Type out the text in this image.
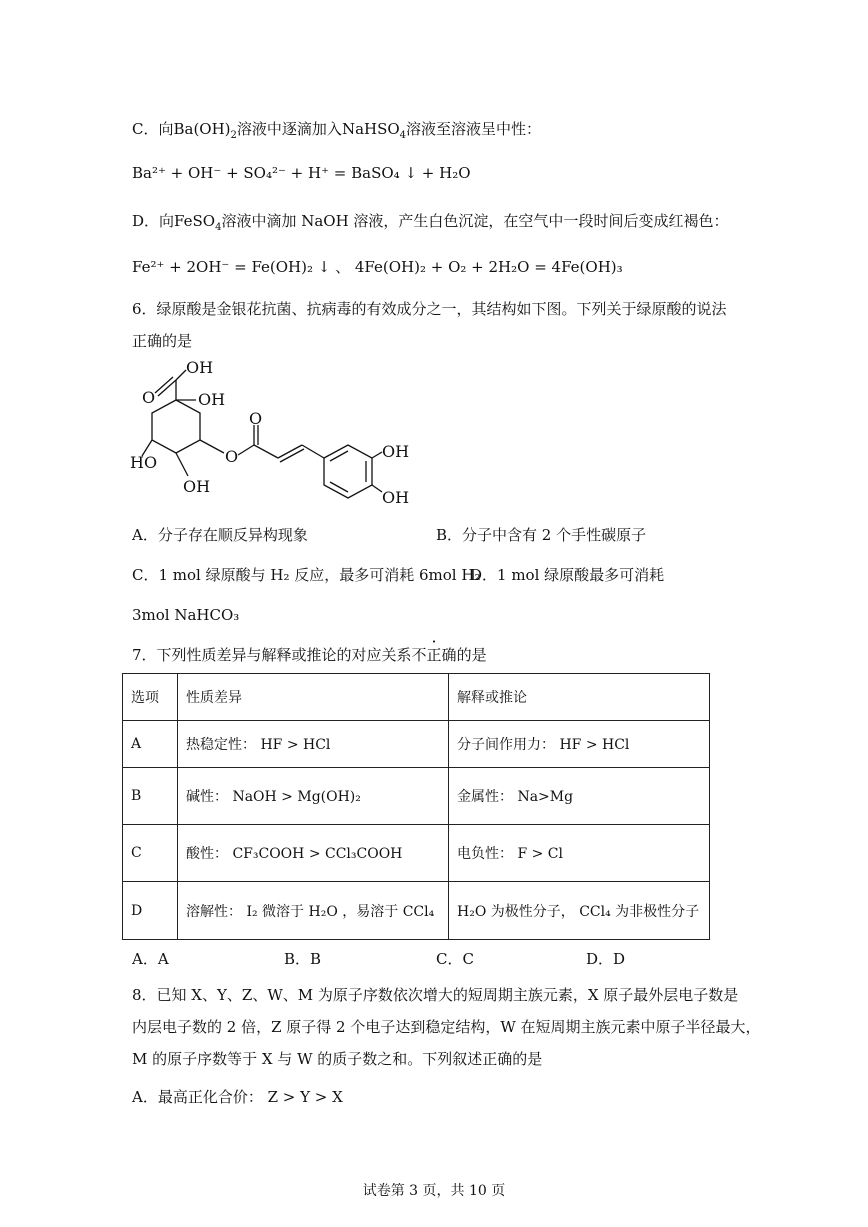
C．向$Ba(OH)_2$溶液中逐滴加入NaHSO$_4$溶液至溶液呈中性：
Ba²⁺ + OH⁻ + SO₄²⁻ + H⁺ = BaSO₄ ↓ + H₂O
D．向FeSO$_4$溶液中滴加 NaOH 溶液，产生白色沉淀，在空气中一段时间后变成红褐色：
Fe²⁺ + 2OH⁻ = Fe(OH)₂ ↓ 、 4Fe(OH)₂ + O₂ + 2H₂O = 4Fe(OH)₃
6．绿原酸是金银花抗菌、抗病毒的有效成分之一，其结构如下图。下列关于绿原酸的说法
正确的是
OH
O	OH
HO	O
O
OH
OH
OH
A．分子存在顺反异构现象	B．分子中含有 2 个手性碳原子
C．1 mol 绿原酸与 H₂ 反应，最多可消耗 6mol H₂
D．1 mol 绿原酸最多可消耗
3mol NaHCO₃
7．下列性质差异与解释或推论的对应关系不正确的是
选项	性质差异	解释或推论
A	热稳定性： HF > HCl	分子间作用力： HF > HCl
B	碱性： NaOH > Mg(OH)₂	金属性： Na>Mg
C	酸性： CF₃COOH > CCl₃COOH	电负性： F > Cl
D	溶解性： I₂ 微溶于 H₂O ，易溶于 CCl₄	H₂O 为极性分子， CCl₄ 为非极性分子
A．A	B．B	C．C	D．D
8．已知 X、Y、Z、W、M 为原子序数依次增大的短周期主族元素，X 原子最外层电子数是
内层电子数的 2 倍，Z 原子得 2 个电子达到稳定结构，W 在短周期主族元素中原子半径最大，
M 的原子序数等于 X 与 W 的质子数之和。下列叙述正确的是
A．最高正化合价： Z > Y > X
试卷第 3 页，共 10 页
